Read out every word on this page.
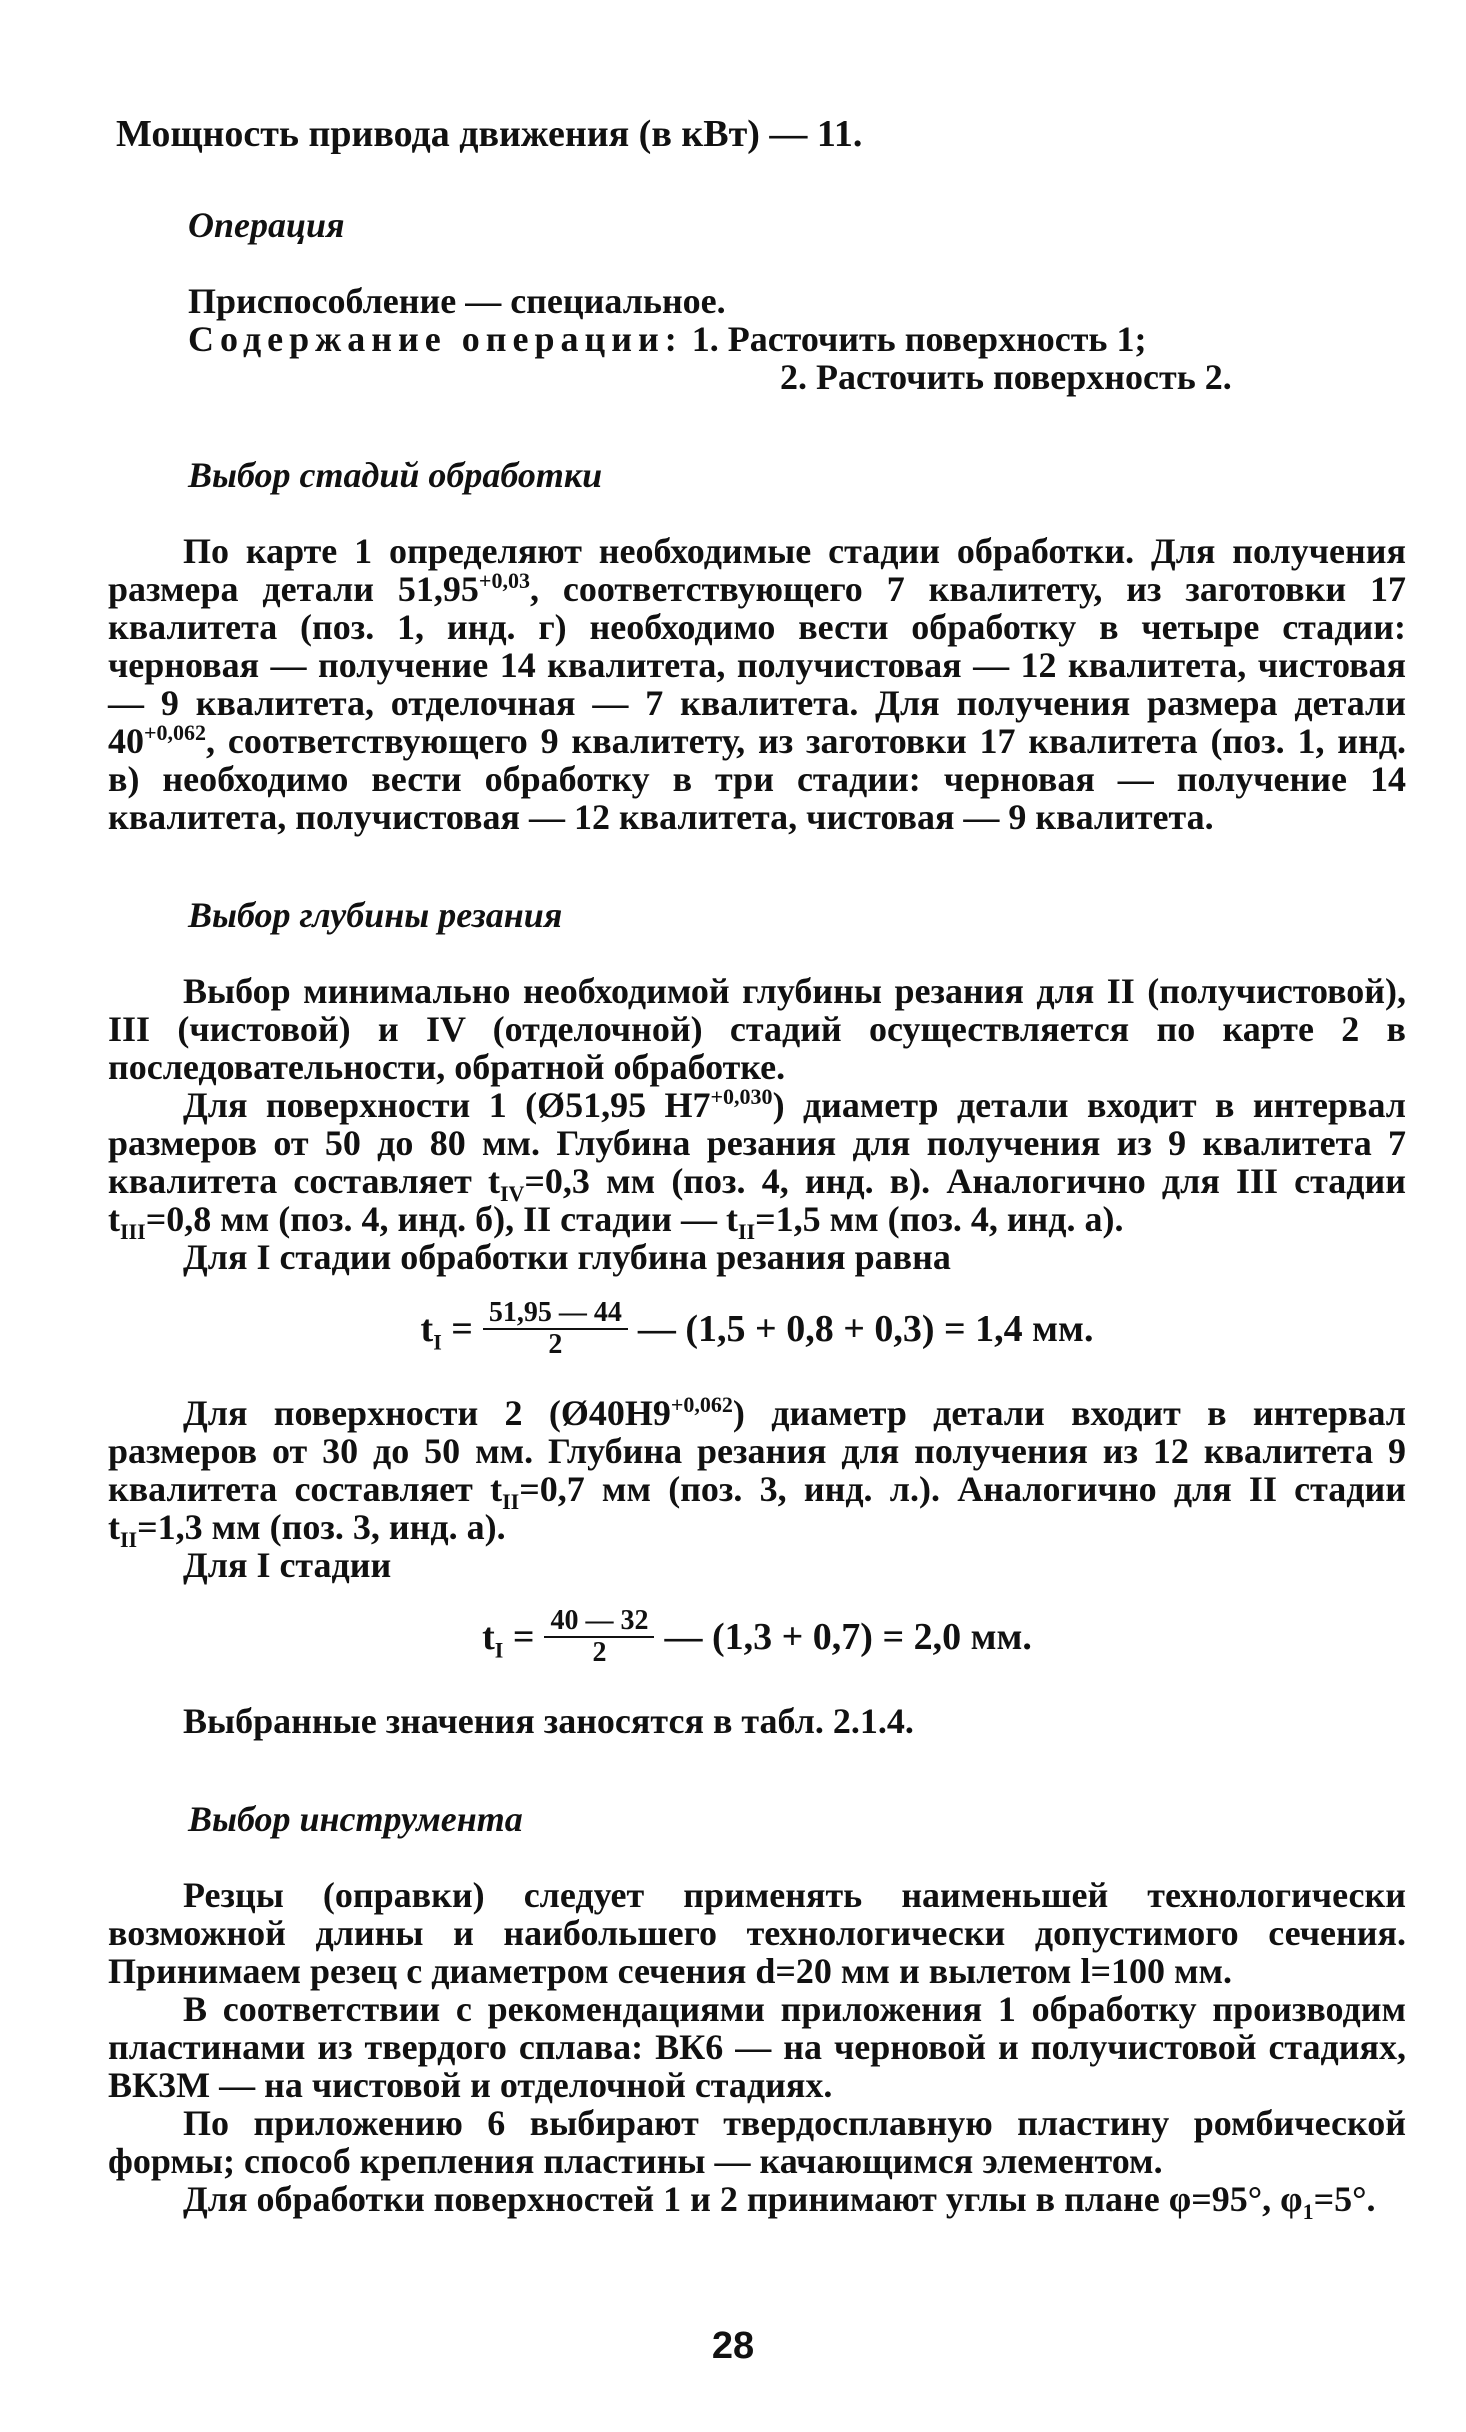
Мощность привода движения (в кВт) — 11.

Операция

Приспособление — специальное.

Содержание операции: 1. Расточить поверхность 1;

2. Расточить поверхность 2.

Выбор стадий обработки

По карте 1 определяют необходимые стадии обработки. Для получения размера детали $51,95^{+0,03}$, соответствующего 7 квалитету, из заготовки 17 квалитета (поз. 1, инд. г) необходимо вести обработку в четыре стадии: черновая — получение 14 квалитета, получистовая — 12 квалитета, чистовая — 9 квалитета, отделочная — 7 квалитета. Для получения размера детали $40^{+0,062}$, соответствующего 9 квалитету, из заготовки 17 квалитета (поз. 1, инд. в) необходимо вести обработку в три стадии: черновая — получение 14 квалитета, получистовая — 12 квалитета, чистовая — 9 квалитета.

Выбор глубины резания

Выбор минимально необходимой глубины резания для II (получистовой), III (чистовой) и IV (отделочной) стадий осуществляется по карте 2 в последовательности, обратной обработке.

Для поверхности 1 (Ø51,95 $H7^{+0,030}$) диаметр детали входит в интервал размеров от 50 до 80 мм. Глубина резания для получения из 9 квалитета 7 квалитета составляет $t_{IV}=0,3$ мм (поз. 4, инд. в). Аналогично для III стадии $t_{III}=0,8$ мм (поз. 4, инд. б), II стадии — $t_{II}=1,5$ мм (поз. 4, инд. а).

Для I стадии обработки глубина резания равна

$t_I = \frac{51,95 — 44}{2}$ — (1,5 + 0,8 + 0,3) = 1,4 мм.

Для поверхности 2 $(Ø40H9^{+0,062})$ диаметр детали входит в интервал размеров от 30 до 50 мм. Глубина резания для получения из 12 квалитета 9 квалитета составляет $t_{II}=0,7$ мм (поз. 3, инд. л.). Аналогично для II стадии $t_{II}=1,3$ мм (поз. 3, инд. а).

Для I стадии

$t_I = \frac{40 — 32}{2}$ — (1,3 + 0,7) = 2,0 мм.

Выбранные значения заносятся в табл. 2.1.4.

Выбор инструмента

Резцы (оправки) следует применять наименьшей технологически возможной длины и наибольшего технологически допустимого сечения. Принимаем резец с диаметром сечения d=20 мм и вылетом l=100 мм.

В соответствии с рекомендациями приложения 1 обработку производим пластинами из твердого сплава: ВК6 — на черновой и получистовой стадиях, ВК3М — на чистовой и отделочной стадиях.

По приложению 6 выбирают твердосплавную пластину ромбической формы; способ крепления пластины — качающимся элементом.

Для обработки поверхностей 1 и 2 принимают углы в плане φ=95°, $\varphi_1=5^\circ$.

28
